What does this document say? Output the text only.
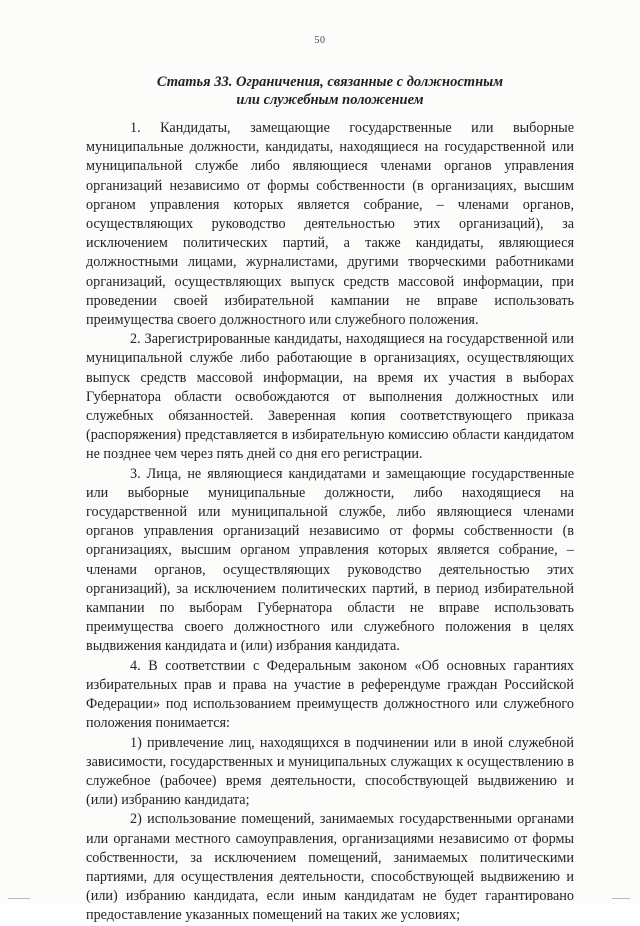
50
Статья 33. Ограничения, связанные с должностным
или служебным положением

1. Кандидаты, замещающие государственные или выборные муниципальные должности, кандидаты, находящиеся на государственной или муниципальной службе либо являющиеся членами органов управления организаций независимо от формы собственности (в организациях, высшим органом управления которых является собрание, – членами органов, осуществляющих руководство деятельностью этих организаций), за исключением политических партий, а также кандидаты, являющиеся должностными лицами, журналистами, другими творческими работниками организаций, осуществляющих выпуск средств массовой информации, при проведении своей избирательной кампании не вправе использовать преимущества своего должностного или служебного положения.

2. Зарегистрированные кандидаты, находящиеся на государственной или муниципальной службе либо работающие в организациях, осуществляющих выпуск средств массовой информации, на время их участия в выборах Губернатора области освобождаются от выполнения должностных или служебных обязанностей. Заверенная копия соответствующего приказа (распоряжения) представляется в избирательную комиссию области кандидатом не позднее чем через пять дней со дня его регистрации.

3. Лица, не являющиеся кандидатами и замещающие государственные или выборные муниципальные должности, либо находящиеся на государственной или муниципальной службе, либо являющиеся членами органов управления организаций независимо от формы собственности (в организациях, высшим органом управления которых является собрание, – членами органов, осуществляющих руководство деятельностью этих организаций), за исключением политических партий, в период избирательной кампании по выборам Губернатора области не вправе использовать преимущества своего должностного или служебного положения в целях выдвижения кандидата и (или) избрания кандидата.

4. В соответствии с Федеральным законом «Об основных гарантиях избирательных прав и права на участие в референдуме граждан Российской Федерации» под использованием преимуществ должностного или служебного положения понимается:

1) привлечение лиц, находящихся в подчинении или в иной служебной зависимости, государственных и муниципальных служащих к осуществлению в служебное (рабочее) время деятельности, способствующей выдвижению и (или) избранию кандидата;

2) использование помещений, занимаемых государственными органами или органами местного самоуправления, организациями независимо от формы собственности, за исключением помещений, занимаемых политическими партиями, для осуществления деятельности, способствующей выдвижению и (или) избранию кандидата, если иным кандидатам не будет гарантировано предоставление указанных помещений на таких же условиях;
